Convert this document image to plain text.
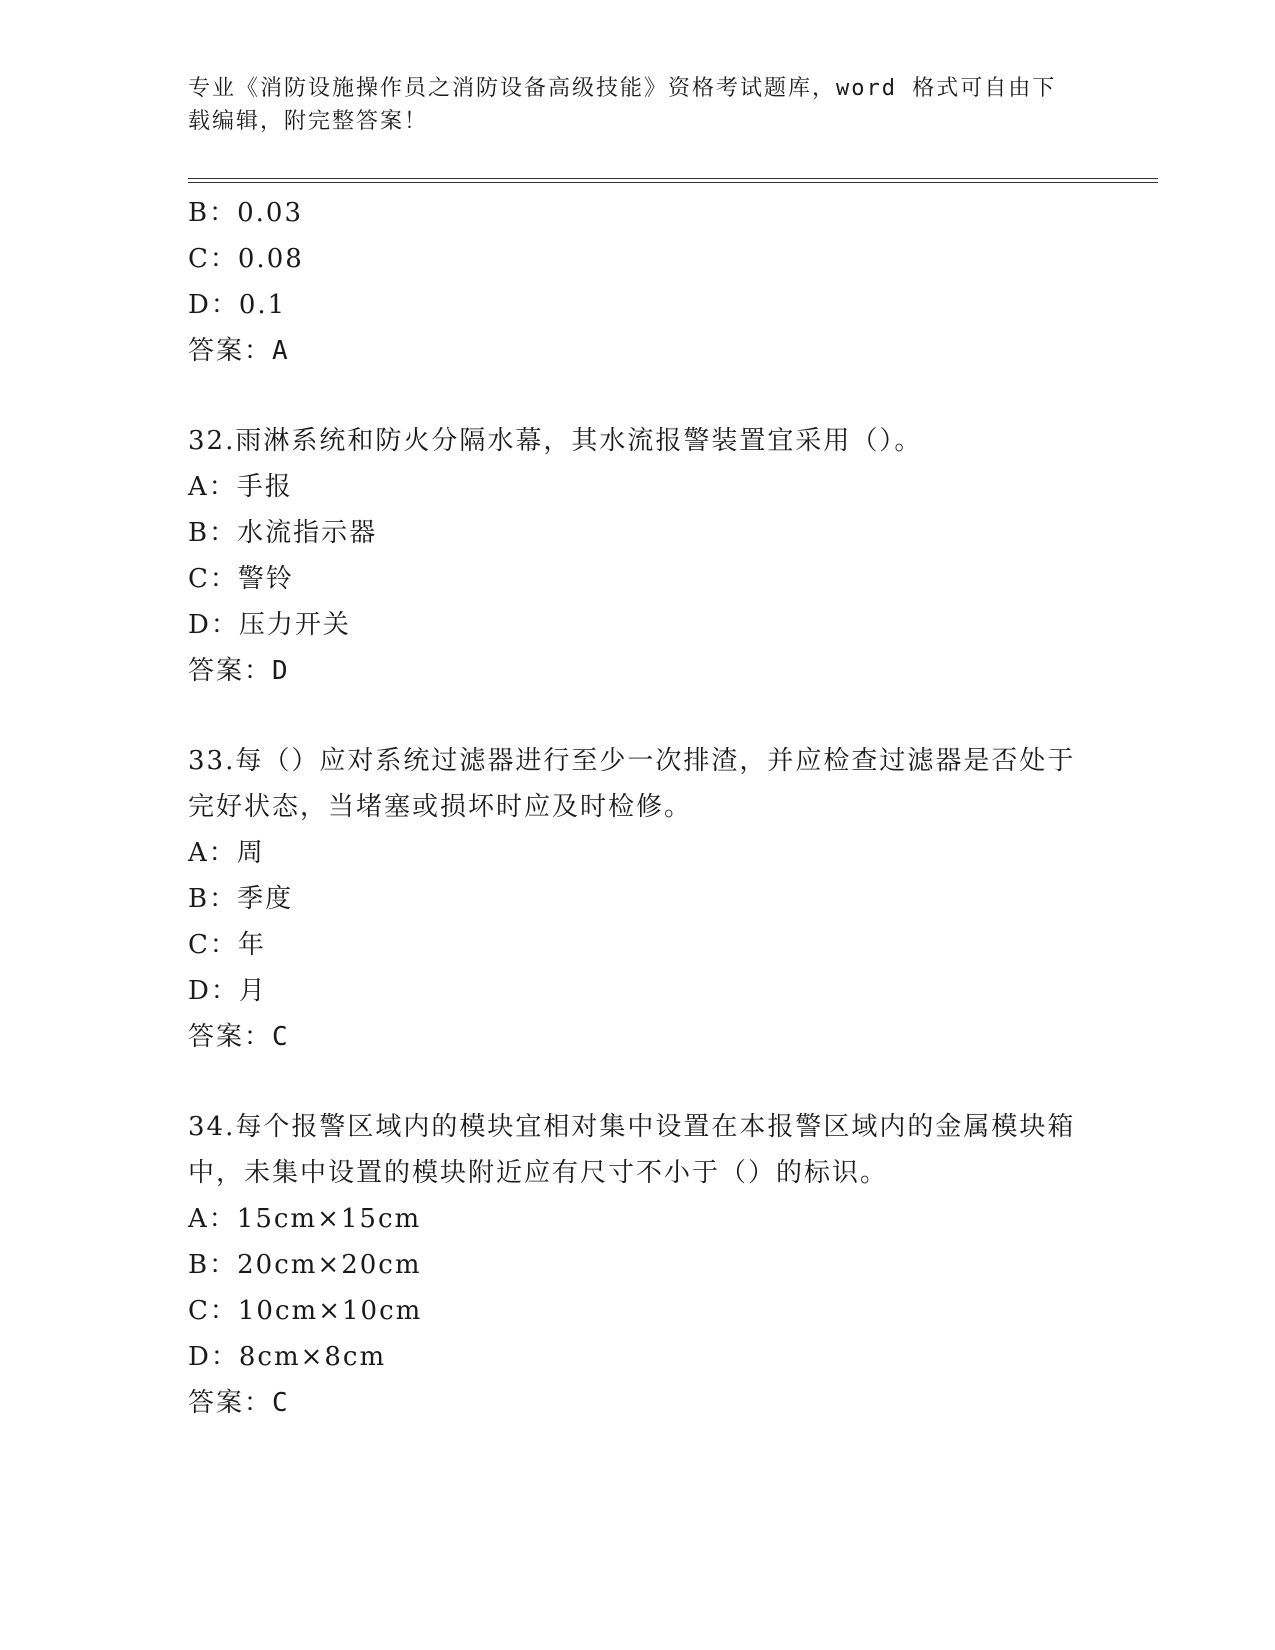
专业《消防设施操作员之消防设备高级技能》资格考试题库，word 格式可自由下
载编辑，附完整答案！
B：0.03
C：0.08
D：0.1
答案：A
32.雨淋系统和防火分隔水幕，其水流报警装置宜采用（）。
A：手报
B：水流指示器
C：警铃
D：压力开关
答案：D
33.每（）应对系统过滤器进行至少一次排渣，并应检查过滤器是否处于完好状态，当堵塞或损坏时应及时检修。
A：周
B：季度
C：年
D：月
答案：C
34.每个报警区域内的模块宜相对集中设置在本报警区域内的金属模块箱中，未集中设置的模块附近应有尺寸不小于（）的标识。
A：15cm×15cm
B：20cm×20cm
C：10cm×10cm
D：8cm×8cm
答案：C
